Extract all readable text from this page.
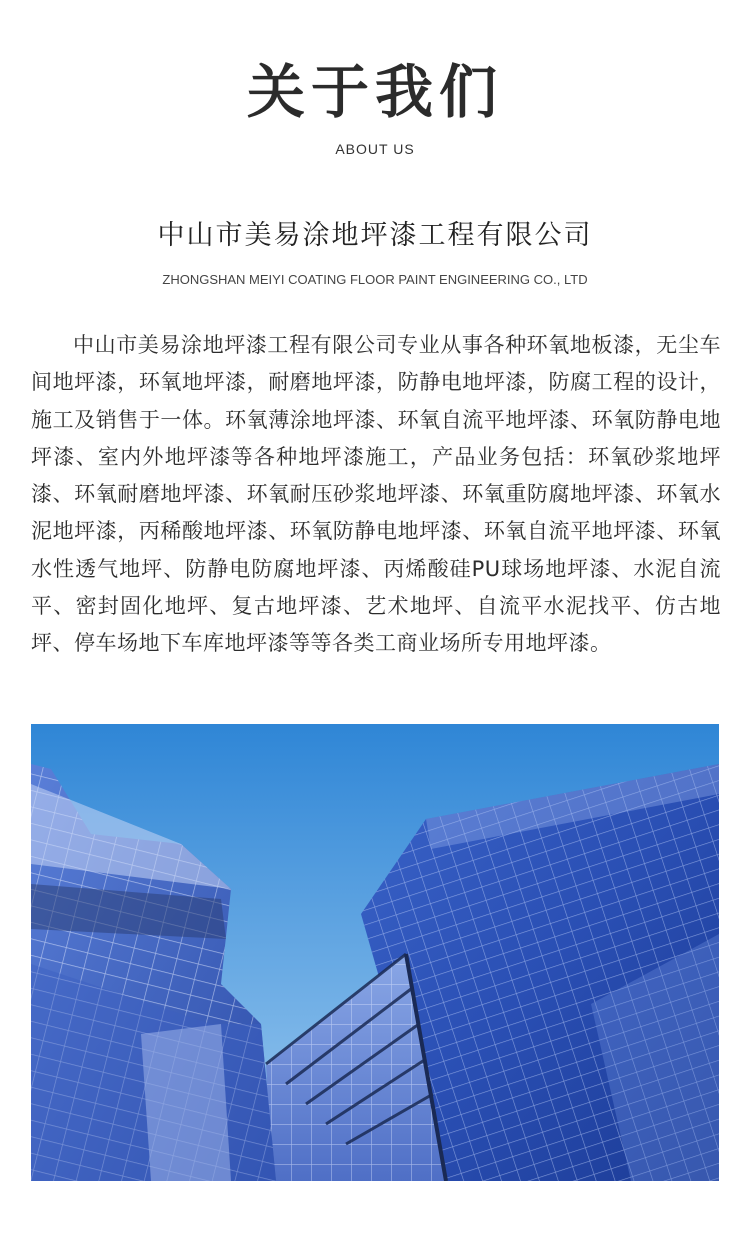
关于我们
ABOUT US
中山市美易涂地坪漆工程有限公司
ZHONGSHAN MEIYI COATING FLOOR PAINT ENGINEERING CO., LTD

中山市美易涂地坪漆工程有限公司专业从事各种环氧地板漆，无尘车间地坪漆，环氧地坪漆，耐磨地坪漆，防静电地坪漆，防腐工程的设计，施工及销售于一体。环氧薄涂地坪漆、环氧自流平地坪漆、环氧防静电地坪漆、室内外地坪漆等各种地坪漆施工，产品业务包括：环氧砂浆地坪漆、环氧耐磨地坪漆、环氧耐压砂浆地坪漆、环氧重防腐地坪漆、环氧水泥地坪漆，丙稀酸地坪漆、环氧防静电地坪漆、环氧自流平地坪漆、环氧水性透气地坪、防静电防腐地坪漆、丙烯酸硅PU球场地坪漆、水泥自流平、密封固化地坪、复古地坪漆、艺术地坪、自流平水泥找平、仿古地坪、停车场地下车库地坪漆等等各类工商业场所专用地坪漆。
